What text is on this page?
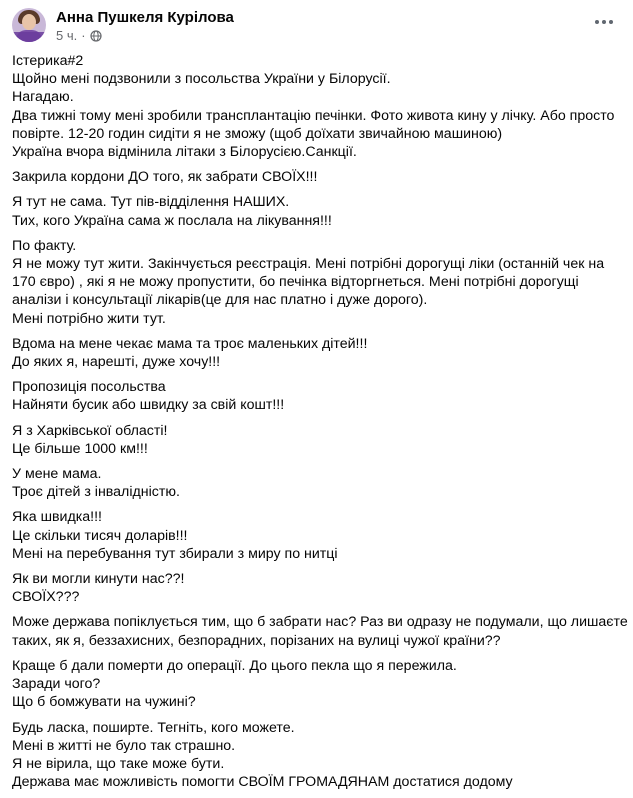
Анна Пушкеля Курілова
5 ч. ·
Істерика#2
Щойно мені подзвонили з посольства України у Білорусії.
Нагадаю.
Два тижні тому мені зробили трансплантацію печінки. Фото живота кину у лічку. Або просто
повірте. 12-20 годин сидіти я не зможу (щоб доїхати звичайною машиною)
Україна вчора відмінила літаки з Білорусією.Санкції.
Закрила кордони ДО того, як забрати СВОЇХ!!!
Я тут не сама. Тут пів-відділення НАШИХ.
Тих, кого Україна сама ж послала на лікування!!!
По факту.
Я не можу тут жити. Закінчується реєстрація. Мені потрібні дорогущі ліки (останній чек на
170 євро) , які я не можу пропустити, бо печінка відторгнеться. Мені потрібні дорогущі
аналізи і консультації лікарів(це для нас платно і дуже дорого).
Мені потрібно жити тут.
Вдома на мене чекає мама та троє маленьких дітей!!!
До яких я, нарешті, дуже хочу!!!
Пропозиція посольства
Найняти бусик або швидку за свій кошт!!!
Я з Харківської області!
Це більше 1000 км!!!
У мене мама.
Троє дітей з інвалідністю.
Яка швидка!!!
Це скільки тисяч доларів!!!
Мені на перебування тут збирали з миру по нитці
Як ви могли кинути нас??!
СВОЇХ???
Може держава попіклується тим, що б забрати нас? Раз ви одразу не подумали, що лишаєте
таких, як я, беззахисних, безпорадних, порізаних на вулиці чужої країни??
Краще б дали померти до операції. До цього пекла що я пережила.
Заради чого?
Що б бомжувати на чужині?
Будь ласка, поширте. Тегніть, кого можете.
Мені в житті не було так страшно.
Я не вірила, що таке може бути.
Держава має можливість помогти СВОЇМ ГРОМАДЯНАМ достатися додому
